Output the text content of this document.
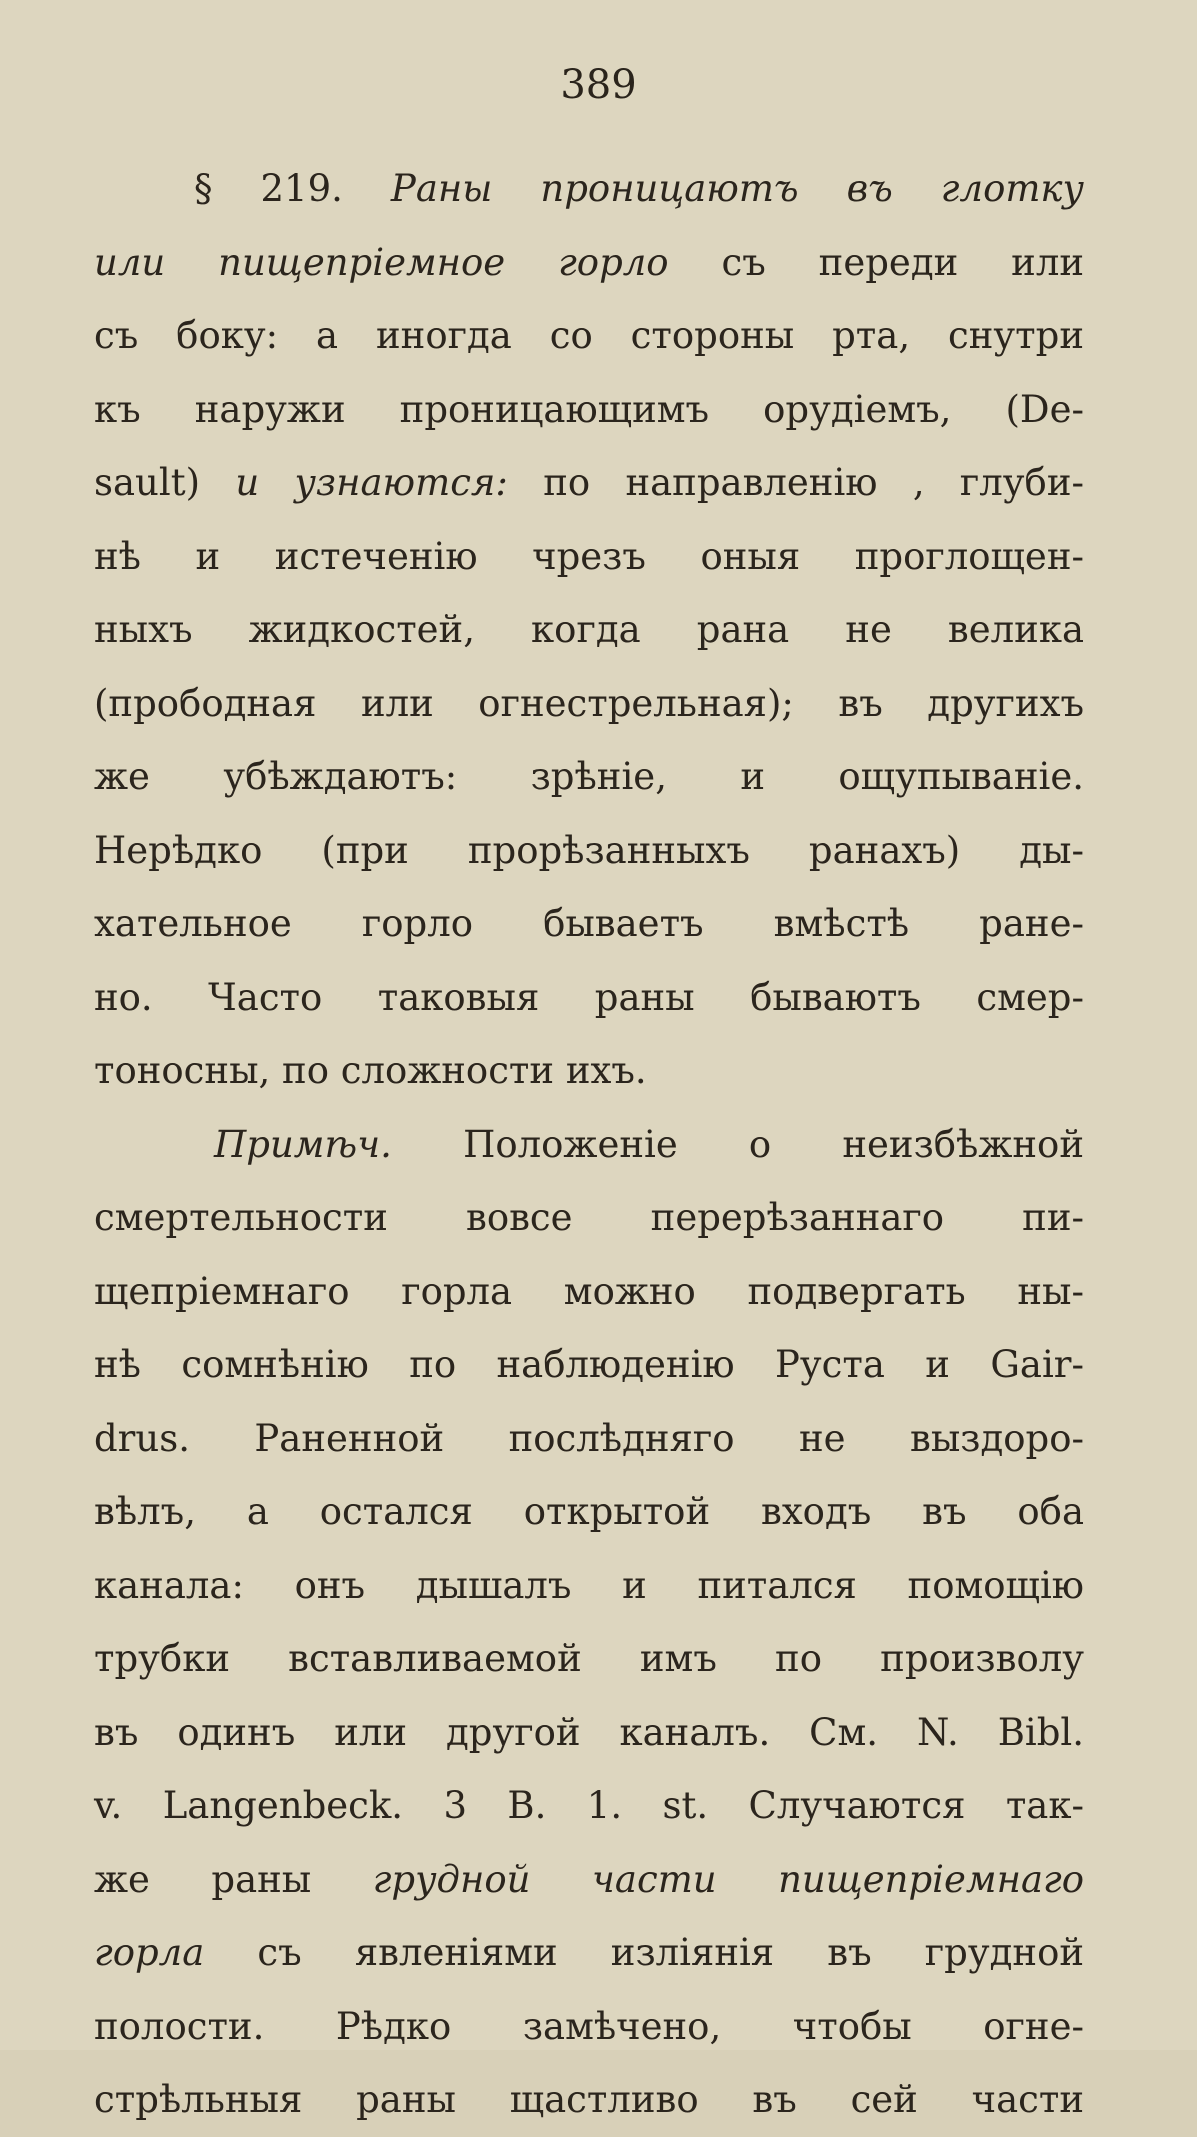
389
§ 219. Раны проницаютъ въ глотку
или пищепріемное горло съ переди или
съ боку: а иногда со стороны рта, снутри
къ наружи проницающимъ орудіемъ, (De-
sault) и узнаются: по направленію , глуби-
нѣ и истеченію чрезъ оныя проглощен-
ныхъ жидкостей, когда рана не велика
(прободная или огнестрельная); въ другихъ
же убѣждаютъ: зрѣніе, и ощупываніе.
Нерѣдко (при прорѣзанныхъ ранахъ) ды-
хательное горло бываетъ вмѣстѣ ране-
но. Часто таковыя раны бываютъ смер-
тоносны, по сложности ихъ.
Примѣч. Положеніе о неизбѣжной
смертельности вовсе перерѣзаннаго пи-
щепріемнаго горла можно подвергать ны-
нѣ сомнѣнію по наблюденію Руста и Gair-
drus. Раненной послѣдняго не выздоро-
вѣлъ, а остался открытой входъ въ оба
канала: онъ дышалъ и питался помощію
трубки вставливаемой имъ по произволу
въ одинъ или другой каналъ. См. N. Bibl.
v. Langenbeck. 3 B. 1. st. Случаются так-
же раны грудной части пищепріемнаго
горла съ явленіями изліянія въ грудной
полости. Рѣдко замѣчено, чтобы огне-
стрѣльныя раны щастливо въ сей части
